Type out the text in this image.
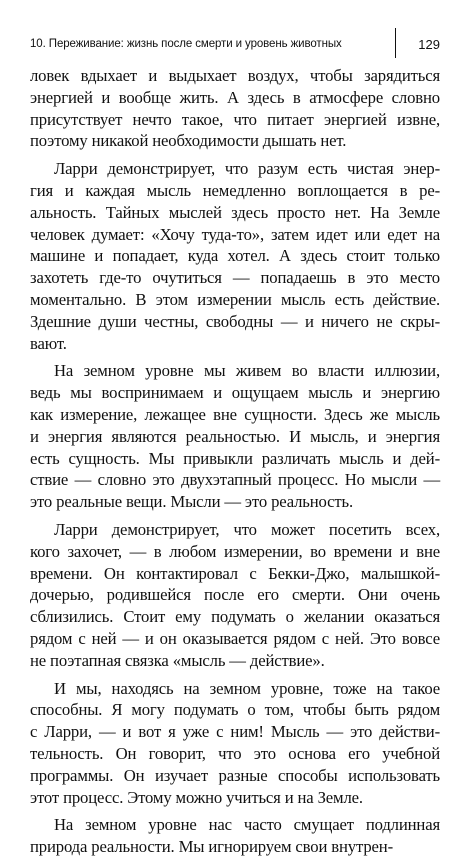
10. Переживание: жизнь после смерти и уровень животных	129
ловек вдыхает и выдыхает воздух, чтобы зарядиться
энергией и вообще жить. А здесь в атмосфере словно
присутствует нечто такое, что питает энергией извне,
поэтому никакой необходимости дышать нет.
Ларри демонстрирует, что разум есть чистая энер-
гия и каждая мысль немедленно воплощается в ре-
альность. Тайных мыслей здесь просто нет. На Земле
человек думает: «Хочу туда-то», затем идет или едет на
машине и попадает, куда хотел. А здесь стоит только
захотеть где-то очутиться — попадаешь в это место
моментально. В этом измерении мысль есть действие.
Здешние души честны, свободны — и ничего не скры-
вают.
На земном уровне мы живем во власти иллюзии,
ведь мы воспринимаем и ощущаем мысль и энергию
как измерение, лежащее вне сущности. Здесь же мысль
и энергия являются реальностью. И мысль, и энергия
есть сущность. Мы привыкли различать мысль и дей-
ствие — словно это двухэтапный процесс. Но мысли —
это реальные вещи. Мысли — это реальность.
Ларри демонстрирует, что может посетить всех,
кого захочет, — в любом измерении, во времени и вне
времени. Он контактировал с Бекки-Джо, малышкой-
дочерью, родившейся после его смерти. Они очень
сблизились. Стоит ему подумать о желании оказаться
рядом с ней — и он оказывается рядом с ней. Это вовсе
не поэтапная связка «мысль — действие».
И мы, находясь на земном уровне, тоже на такое
способны. Я могу подумать о том, чтобы быть рядом
с Ларри, — и вот я уже с ним! Мысль — это действи-
тельность. Он говорит, что это основа его учебной
программы. Он изучает разные способы использовать
этот процесс. Этому можно учиться и на Земле.
На земном уровне нас часто смущает подлинная
природа реальности. Мы игнорируем свои внутрен-
